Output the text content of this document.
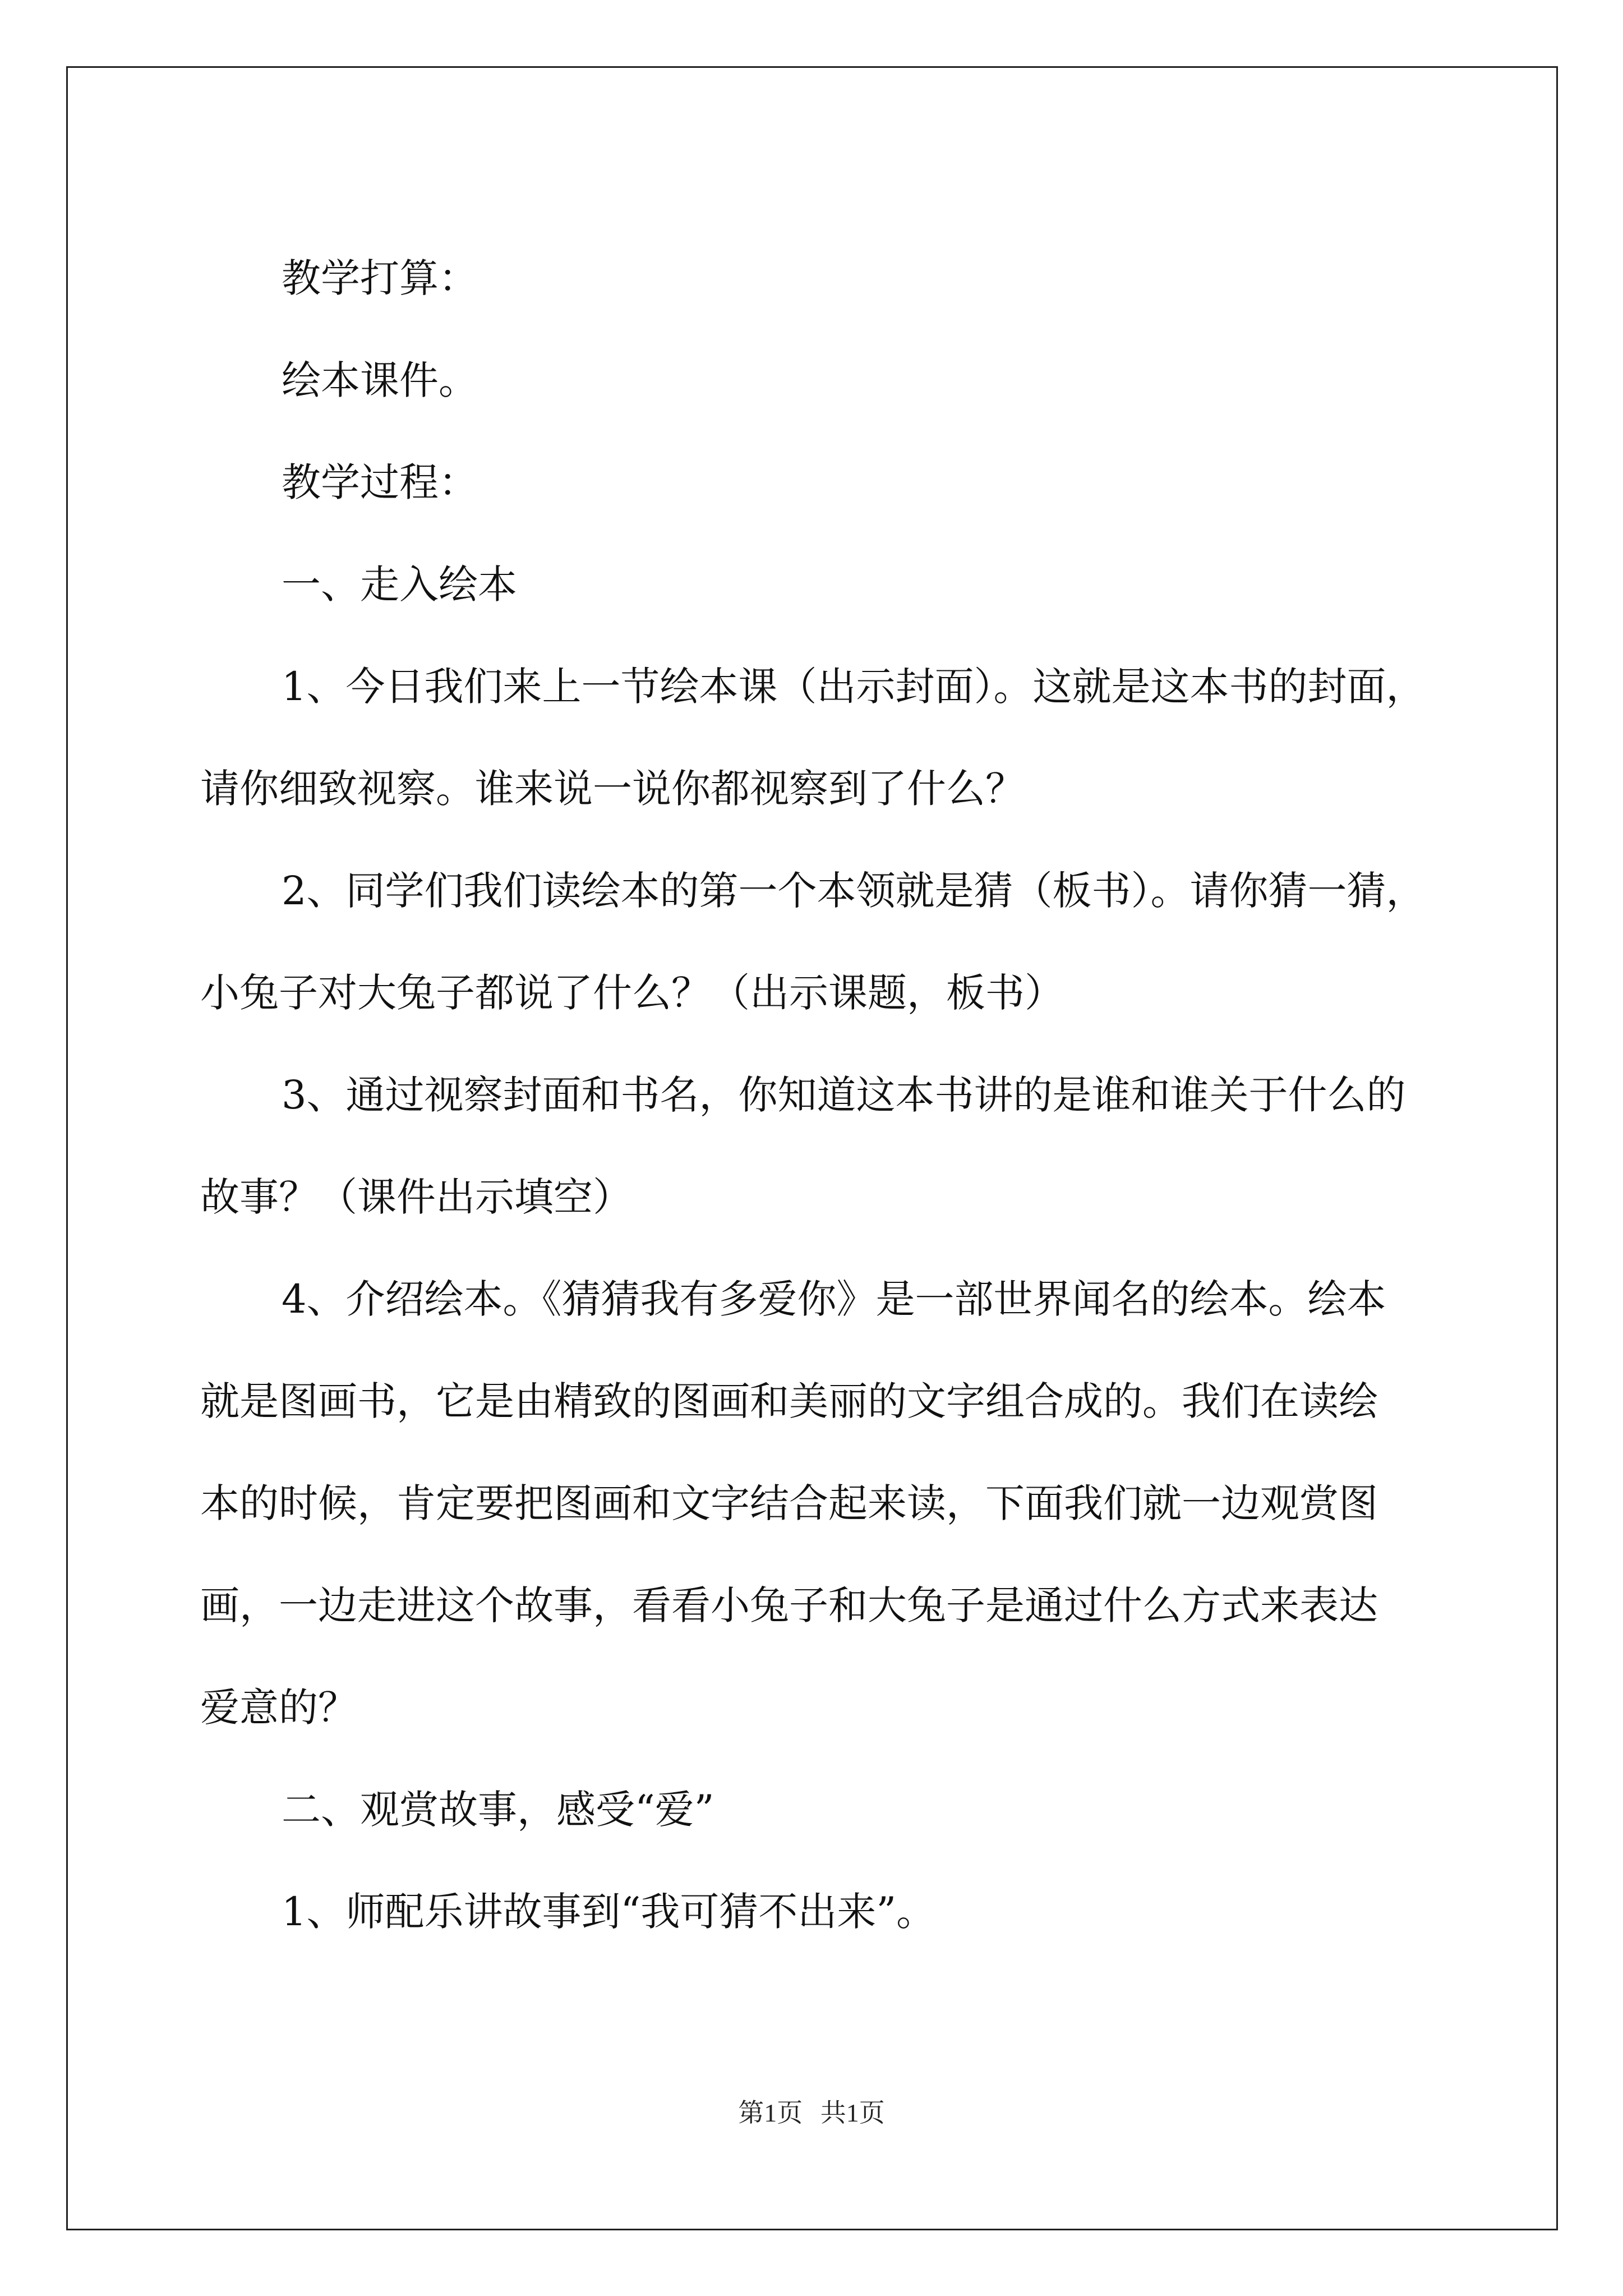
教学打算：

绘本课件。

教学过程：

一、走入绘本

1、今日我们来上一节绘本课（出示封面）。这就是这本书的封面，
请你细致视察。谁来说一说你都视察到了什么？

2、同学们我们读绘本的第一个本领就是猜（板书）。请你猜一猜，
小兔子对大兔子都说了什么？（出示课题，板书）

3、通过视察封面和书名，你知道这本书讲的是谁和谁关于什么的
故事？（课件出示填空）

4、介绍绘本。《猜猜我有多爱你》是一部世界闻名的绘本。绘本
就是图画书，它是由精致的图画和美丽的文字组合成的。我们在读绘
本的时候，肯定要把图画和文字结合起来读，下面我们就一边观赏图
画，一边走进这个故事，看看小兔子和大兔子是通过什么方式来表达
爱意的？

二、观赏故事，感受“爱”

1、师配乐讲故事到“我可猜不出来”。

第1页 共1页
